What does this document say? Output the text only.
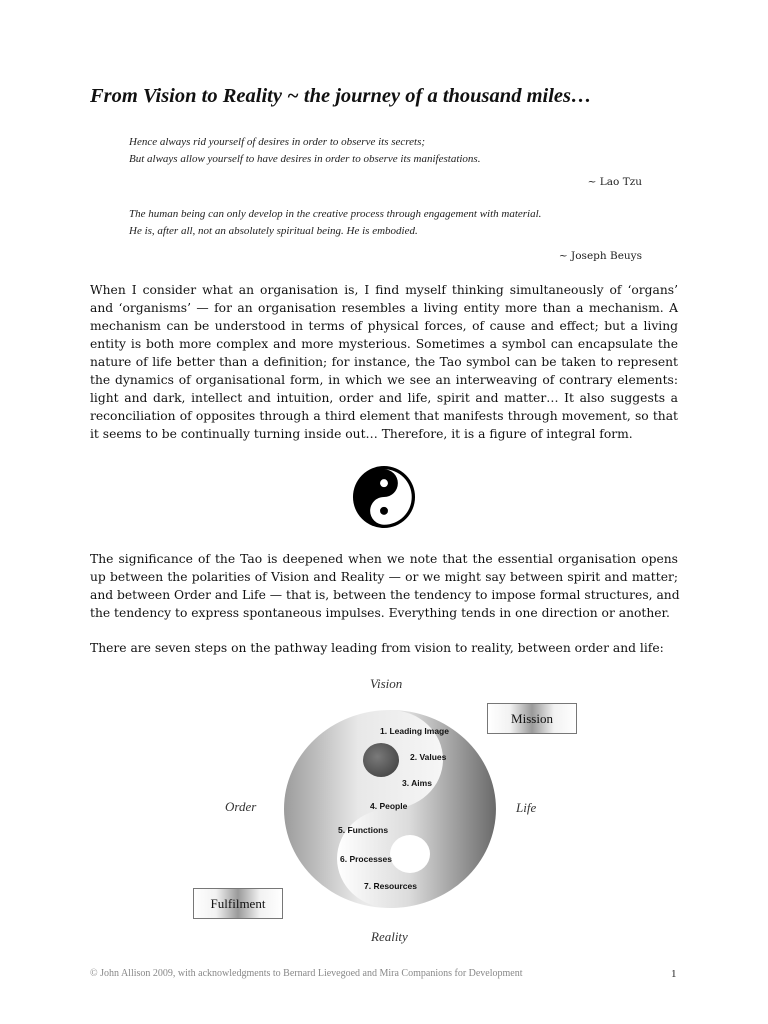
From Vision to Reality ~ the journey of a thousand miles…
Hence always rid yourself of desires in order to observe its secrets;
But always allow yourself to have desires in order to observe its manifestations.
~ Lao Tzu
The human being can only develop in the creative process through engagement with material.
He is, after all, not an absolutely spiritual being. He is embodied.
~ Joseph Beuys
When I consider what an organisation is, I find myself thinking simultaneously of ‘organs’
and ‘organisms’ — for an organisation resembles a living entity more than a mechanism. A
mechanism can be understood in terms of physical forces, of cause and effect; but a living
entity is both more complex and more mysterious. Sometimes a symbol can encapsulate the
nature of life better than a definition; for instance, the Tao symbol can be taken to represent
the dynamics of organisational form, in which we see an interweaving of contrary elements:
light and dark, intellect and intuition, order and life, spirit and matter… It also suggests a
reconciliation of opposites through a third element that manifests through movement, so that
it seems to be continually turning inside out… Therefore, it is a figure of integral form.
The significance of the Tao is deepened when we note that the essential organisation opens
up between the polarities of Vision and Reality — or we might say between spirit and matter;
and between Order and Life — that is, between the tendency to impose formal structures, and
the tendency to express spontaneous impulses. Everything tends in one direction or another.
There are seven steps on the pathway leading from vision to reality, between order and life:
Vision
Reality
Order	Life
Mission
Fulfilment
1. Leading Image
2. Values
3. Aims
4. People
5. Functions
6. Processes
7. Resources
© John Allison 2009, with acknowledgments to Bernard Lievegoed and Mira Companions for Development	1
